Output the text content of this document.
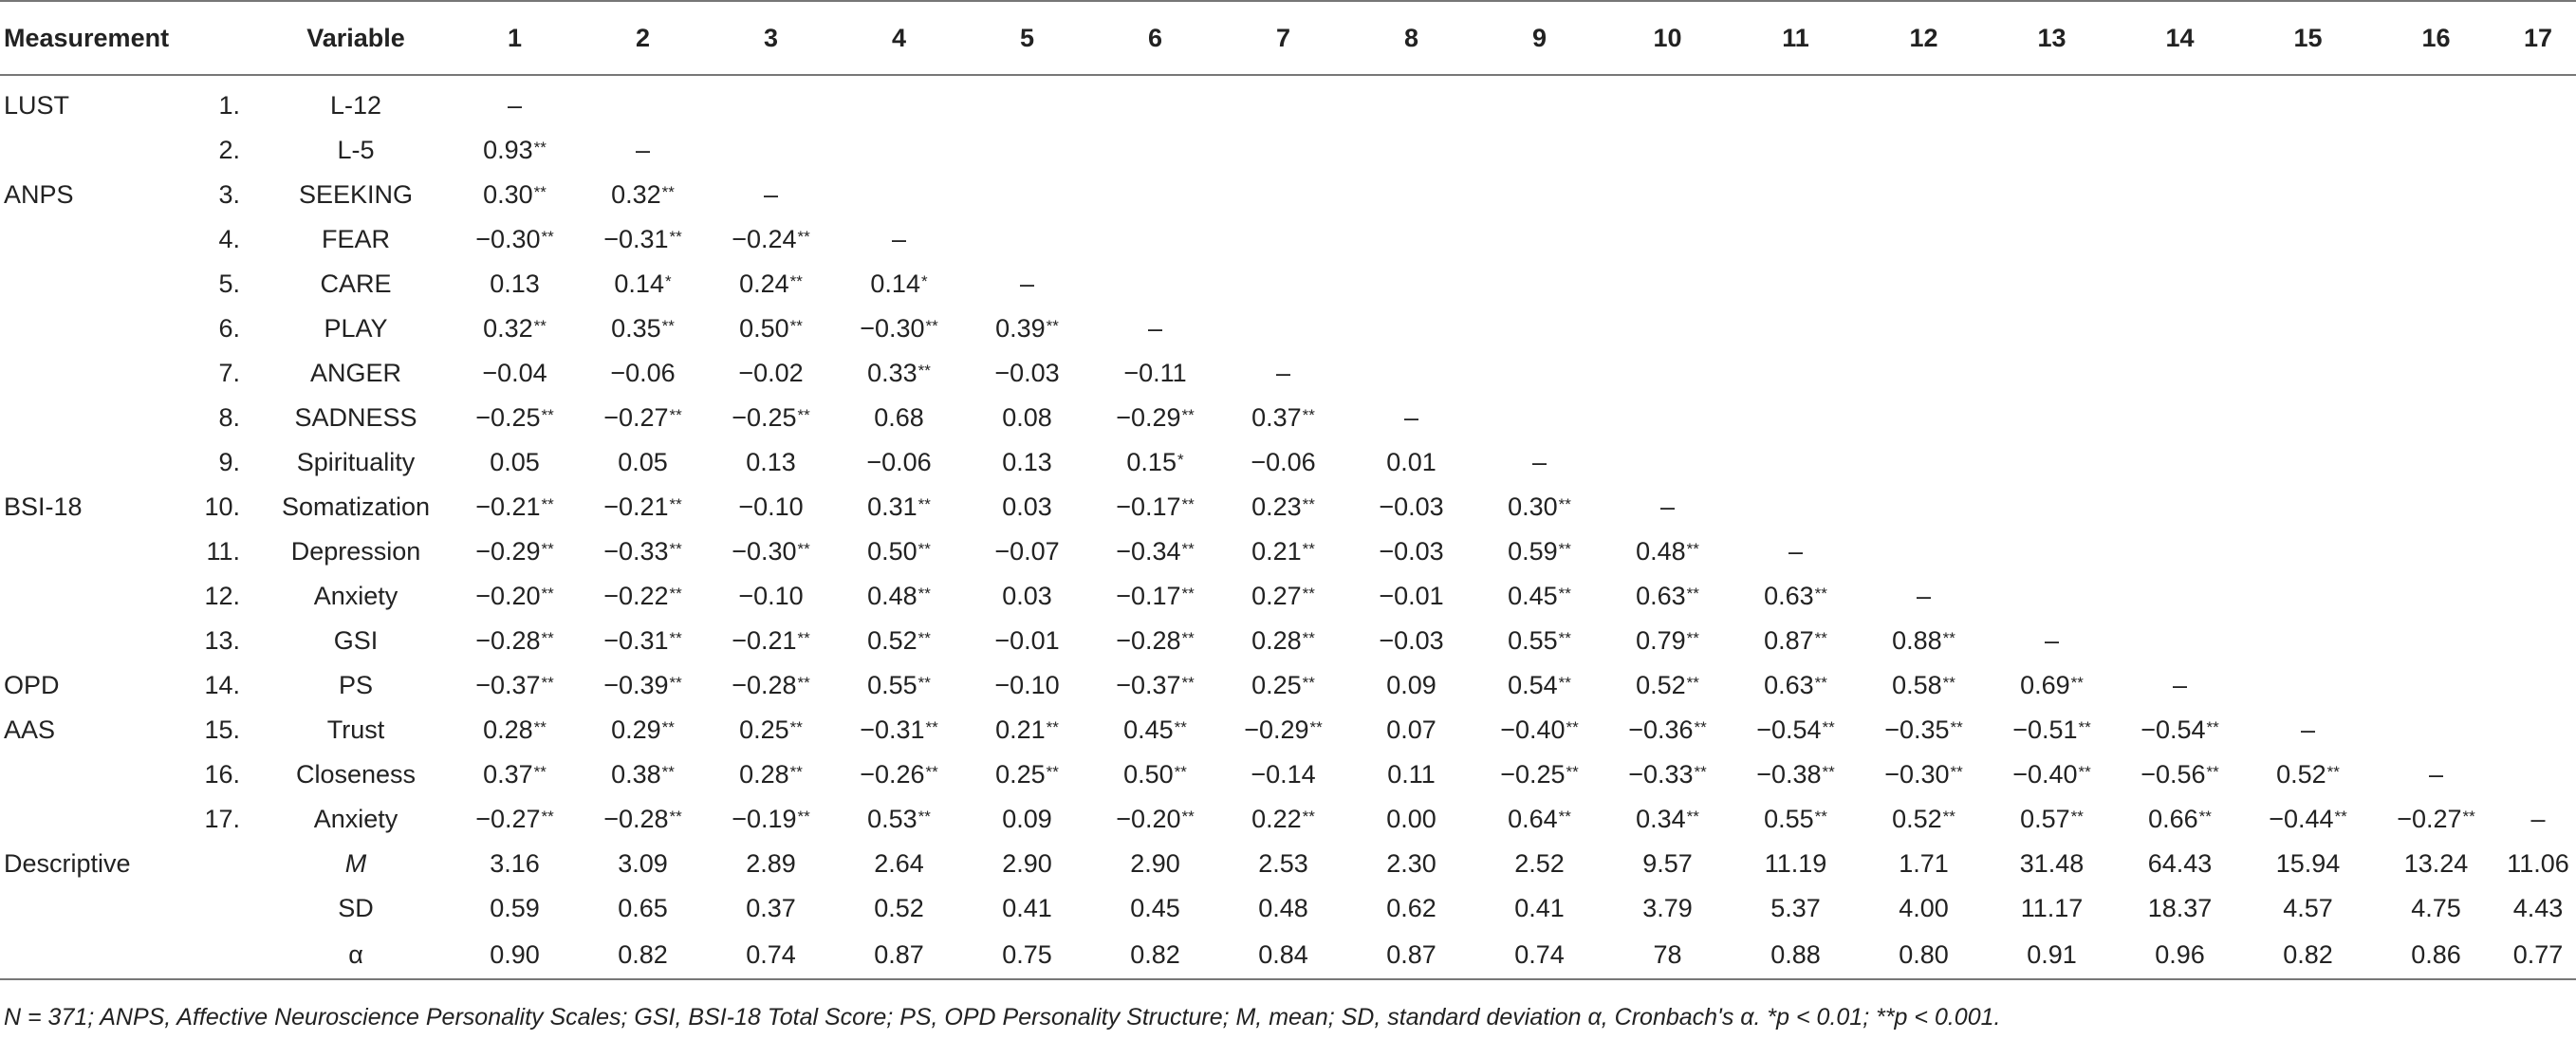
Measurement		Variable	1	2	3	4	5	6	7	8	9	10	11	12	13	14	15	16	17
LUST	1.	L-12	–																
	2.	L-5	0.93**	–															
ANPS	3.	SEEKING	0.30**	0.32**	–														
	4.	FEAR	−0.30**	−0.31**	−0.24**	–													
	5.	CARE	0.13	0.14*	0.24**	0.14*	–												
	6.	PLAY	0.32**	0.35**	0.50**	−0.30**	0.39**	–											
	7.	ANGER	−0.04	−0.06	−0.02	0.33**	−0.03	−0.11	–										
	8.	SADNESS	−0.25**	−0.27**	−0.25**	0.68	0.08	−0.29**	0.37**	–									
	9.	Spirituality	0.05	0.05	0.13	−0.06	0.13	0.15*	−0.06	0.01	–								
BSI-18	10.	Somatization	−0.21**	−0.21**	−0.10	0.31**	0.03	−0.17**	0.23**	−0.03	0.30**	–							
	11.	Depression	−0.29**	−0.33**	−0.30**	0.50**	−0.07	−0.34**	0.21**	−0.03	0.59**	0.48**	–						
	12.	Anxiety	−0.20**	−0.22**	−0.10	0.48**	0.03	−0.17**	0.27**	−0.01	0.45**	0.63**	0.63**	–					
	13.	GSI	−0.28**	−0.31**	−0.21**	0.52**	−0.01	−0.28**	0.28**	−0.03	0.55**	0.79**	0.87**	0.88**	–				
OPD	14.	PS	−0.37**	−0.39**	−0.28**	0.55**	−0.10	−0.37**	0.25**	0.09	0.54**	0.52**	0.63**	0.58**	0.69**	–			
AAS	15.	Trust	0.28**	0.29**	0.25**	−0.31**	0.21**	0.45**	−0.29**	0.07	−0.40**	−0.36**	−0.54**	−0.35**	−0.51**	−0.54**	–		
	16.	Closeness	0.37**	0.38**	0.28**	−0.26**	0.25**	0.50**	−0.14	0.11	−0.25**	−0.33**	−0.38**	−0.30**	−0.40**	−0.56**	0.52**	–	
	17.	Anxiety	−0.27**	−0.28**	−0.19**	0.53**	0.09	−0.20**	0.22**	0.00	0.64**	0.34**	0.55**	0.52**	0.57**	0.66**	−0.44**	−0.27**	–
Descriptive		M	3.16	3.09	2.89	2.64	2.90	2.90	2.53	2.30	2.52	9.57	11.19	1.71	31.48	64.43	15.94	13.24	11.06
		SD	0.59	0.65	0.37	0.52	0.41	0.45	0.48	0.62	0.41	3.79	5.37	4.00	11.17	18.37	4.57	4.75	4.43
		α	0.90	0.82	0.74	0.87	0.75	0.82	0.84	0.87	0.74	78	0.88	0.80	0.91	0.96	0.82	0.86	0.77
N = 371; ANPS, Affective Neuroscience Personality Scales; GSI, BSI-18 Total Score; PS, OPD Personality Structure; M, mean; SD, standard deviation α, Cronbach's α. *p < 0.01; **p < 0.001.
